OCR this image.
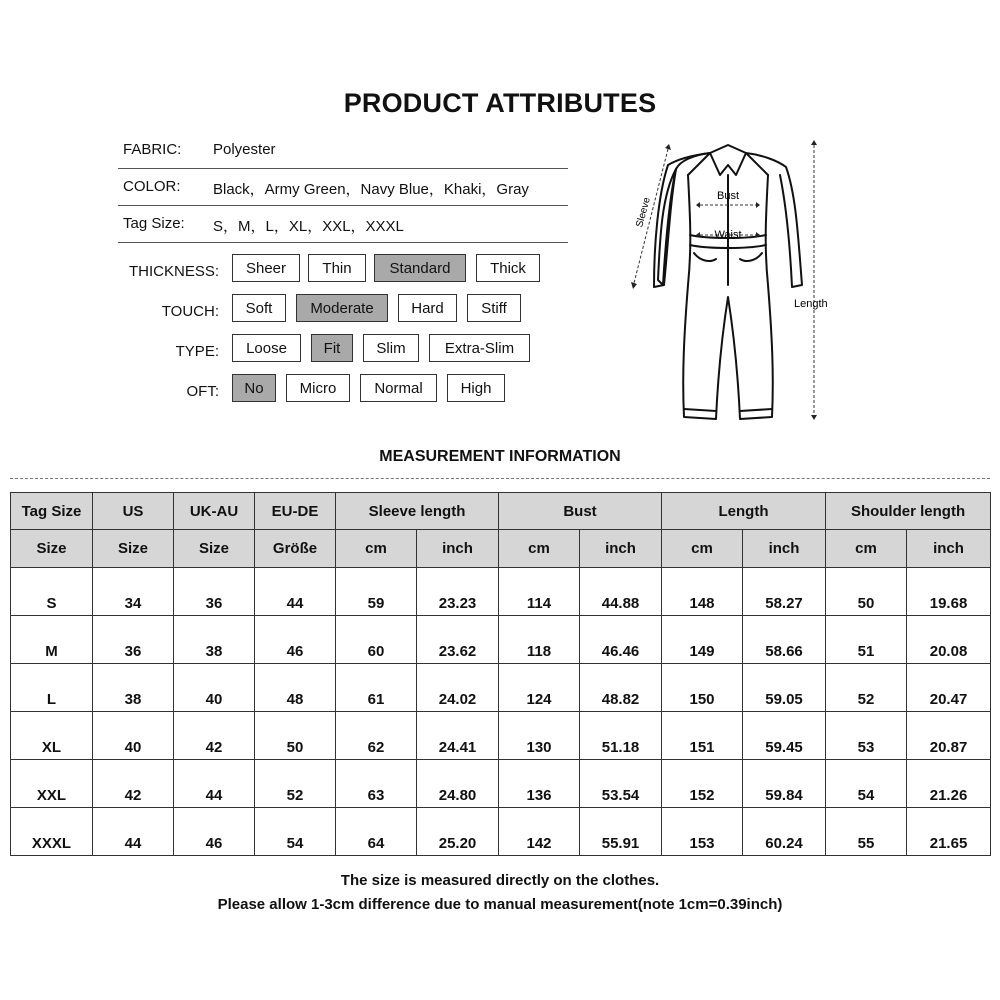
PRODUCT ATTRIBUTES
FABRIC: Polyester
COLOR: Black，Army Green，Navy Blue，Khaki，Gray
Tag Size: S，M，L，XL，XXL，XXXL
THICKNESS:	Sheer	Thin	Standard	Thick
TOUCH:	Soft	Moderate	Hard	Stiff
TYPE:	Loose	Fit	Slim	Extra-Slim
OFT:	No	Micro	Normal	High
Bust
Waist
Sleeve
Length
MEASUREMENT INFORMATION
Tag Size	US	UK-AU	EU-DE	Sleeve length		Bust		Length		Shoulder length	
Size	Size	Size	Größe	cm	inch	cm	inch	cm	inch	cm	inch
S	34	36	44	59	23.23	114	44.88	148	58.27	50	19.68
M	36	38	46	60	23.62	118	46.46	149	58.66	51	20.08
L	38	40	48	61	24.02	124	48.82	150	59.05	52	20.47
XL	40	42	50	62	24.41	130	51.18	151	59.45	53	20.87
XXL	42	44	52	63	24.80	136	53.54	152	59.84	54	21.26
XXXL	44	46	54	64	25.20	142	55.91	153	60.24	55	21.65
The size is measured directly on the clothes.
Please allow 1-3cm difference due to manual measurement(note 1cm=0.39inch)
